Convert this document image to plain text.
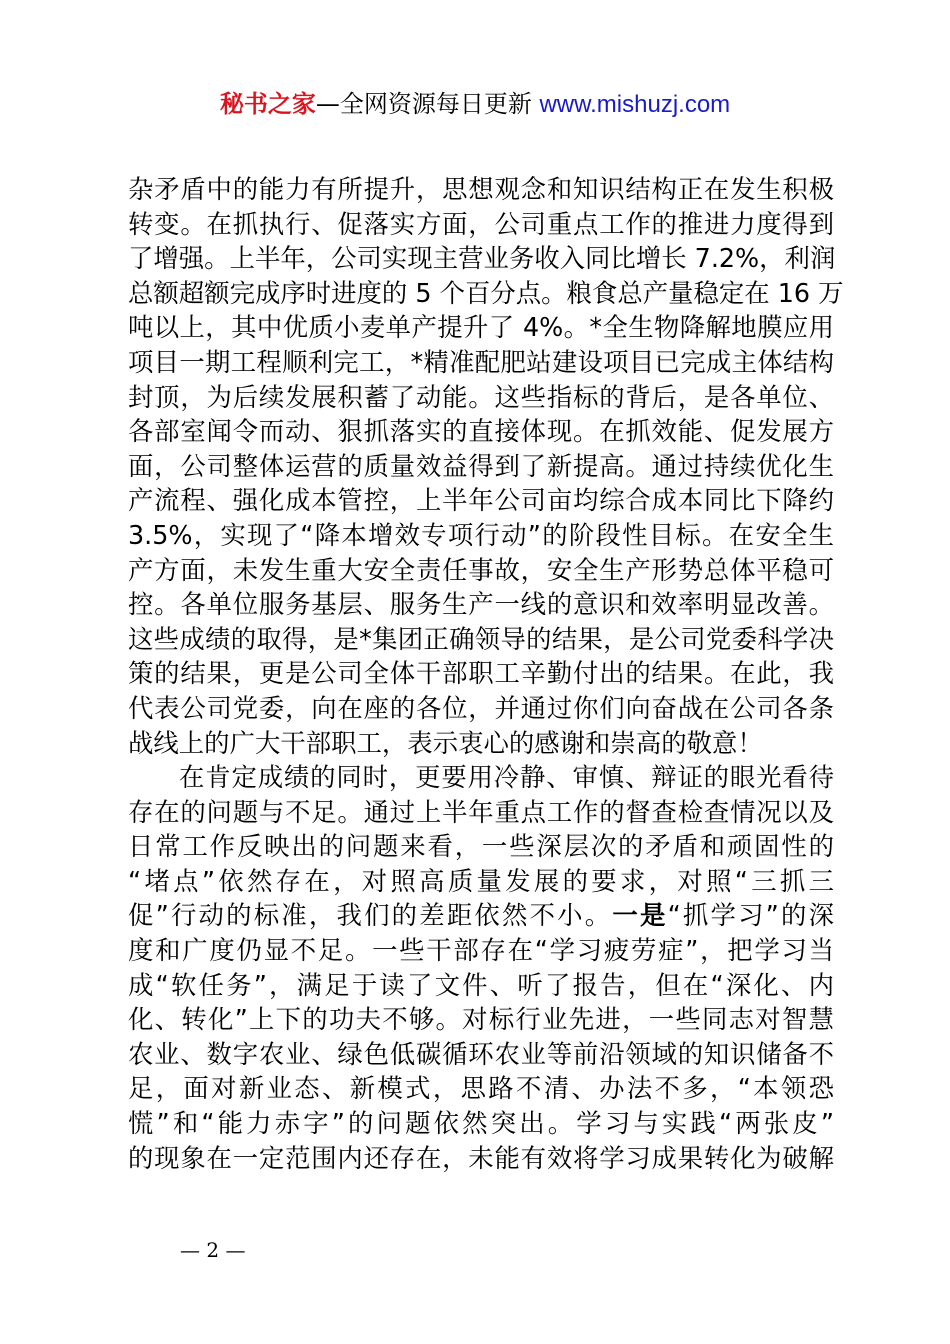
秘书之家—全网资源每日更新 www.mishuzj.com
杂矛盾中的能力有所提升，思想观念和知识结构正在发生积极
转变。在抓执行、促落实方面，公司重点工作的推进力度得到
了增强。上半年，公司实现主营业务收入同比增长 7.2%，利润
总额超额完成序时进度的 5 个百分点。粮食总产量稳定在 16 万
吨以上，其中优质小麦单产提升了 4%。*全生物降解地膜应用
项目一期工程顺利完工，*精准配肥站建设项目已完成主体结构
封顶，为后续发展积蓄了动能。这些指标的背后，是各单位、
各部室闻令而动、狠抓落实的直接体现。在抓效能、促发展方
面，公司整体运营的质量效益得到了新提高。通过持续优化生
产流程、强化成本管控，上半年公司亩均综合成本同比下降约
3.5%，实现了“降本增效专项行动”的阶段性目标。在安全生
产方面，未发生重大安全责任事故，安全生产形势总体平稳可
控。各单位服务基层、服务生产一线的意识和效率明显改善。
这些成绩的取得，是*集团正确领导的结果，是公司党委科学决
策的结果，更是公司全体干部职工辛勤付出的结果。在此，我
代表公司党委，向在座的各位，并通过你们向奋战在公司各条
战线上的广大干部职工，表示衷心的感谢和崇高的敬意！
在肯定成绩的同时，更要用冷静、审慎、辩证的眼光看待
存在的问题与不足。通过上半年重点工作的督查检查情况以及
日常工作反映出的问题来看，一些深层次的矛盾和顽固性的
“堵点”依然存在，对照高质量发展的要求，对照“三抓三
促”行动的标准，我们的差距依然不小。一是“抓学习”的深
度和广度仍显不足。一些干部存在“学习疲劳症”，把学习当
成“软任务”，满足于读了文件、听了报告，但在“深化、内
化、转化”上下的功夫不够。对标行业先进，一些同志对智慧
农业、数字农业、绿色低碳循环农业等前沿领域的知识储备不
足，面对新业态、新模式，思路不清、办法不多，“本领恐
慌”和“能力赤字”的问题依然突出。学习与实践“两张皮”
的现象在一定范围内还存在，未能有效将学习成果转化为破解
— 2 —
